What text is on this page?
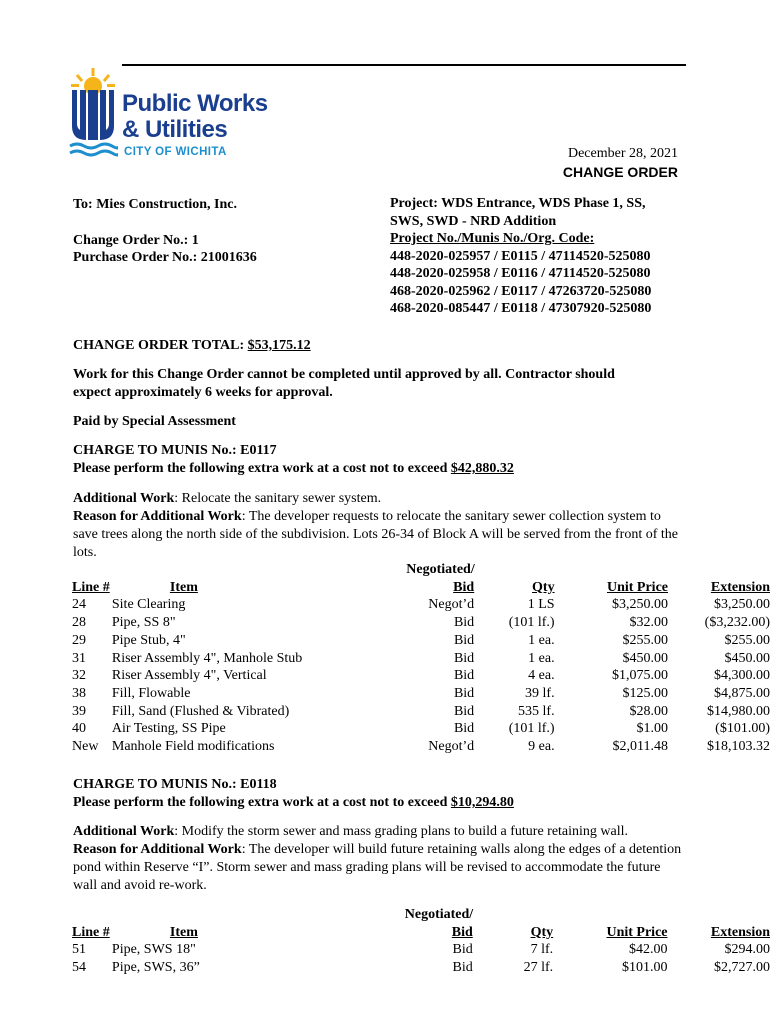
Public Works
& Utilities
CITY OF WICHITA	December 28, 2021
CHANGE ORDER
To: Mies Construction, Inc.
Change Order No.: 1
Purchase Order No.: 21001636
Project: WDS Entrance, WDS Phase 1, SS,
SWS, SWD - NRD Addition
Project No./Munis No./Org. Code:
448-2020-025957 / E0115 / 47114520-525080
448-2020-025958 / E0116 / 47114520-525080
468-2020-025962 / E0117 / 47263720-525080
468-2020-085447 / E0118 / 47307920-525080
CHANGE ORDER TOTAL: $53,175.12
Work for this Change Order cannot be completed until approved by all. Contractor should
expect approximately 6 weeks for approval.
Paid by Special Assessment
CHARGE TO MUNIS No.: E0117
Please perform the following extra work at a cost not to exceed $42,880.32
Additional Work: Relocate the sanitary sewer system.
Reason for Additional Work: The developer requests to relocate the sanitary sewer collection system to save trees along the north side of the subdivision. Lots 26-34 of Block A will be served from the front of the lots.
		Negotiated/			
Line #	Item	Bid	Qty	Unit Price	Extension
24	Site Clearing	Negot’d	1 LS	$3,250.00	$3,250.00
28	Pipe, SS 8"	Bid	(101 lf.)	$32.00	($3,232.00)
29	Pipe Stub, 4"	Bid	1 ea.	$255.00	$255.00
31	Riser Assembly 4", Manhole Stub	Bid	1 ea.	$450.00	$450.00
32	Riser Assembly 4", Vertical	Bid	4 ea.	$1,075.00	$4,300.00
38	Fill, Flowable	Bid	39 lf.	$125.00	$4,875.00
39	Fill, Sand (Flushed & Vibrated)	Bid	535 lf.	$28.00	$14,980.00
40	Air Testing, SS Pipe	Bid	(101 lf.)	$1.00	($101.00)
New	Manhole Field modifications	Negot’d	9 ea.	$2,011.48	$18,103.32
CHARGE TO MUNIS No.: E0118
Please perform the following extra work at a cost not to exceed $10,294.80
Additional Work: Modify the storm sewer and mass grading plans to build a future retaining wall.
Reason for Additional Work: The developer will build future retaining walls along the edges of a detention pond within Reserve “I”. Storm sewer and mass grading plans will be revised to accommodate the future wall and avoid re-work.
		Negotiated/			
Line #	Item	Bid	Qty	Unit Price	Extension
51	Pipe, SWS 18"	Bid	7 lf.	$42.00	$294.00
54	Pipe, SWS, 36”	Bid	27 lf.	$101.00	$2,727.00
